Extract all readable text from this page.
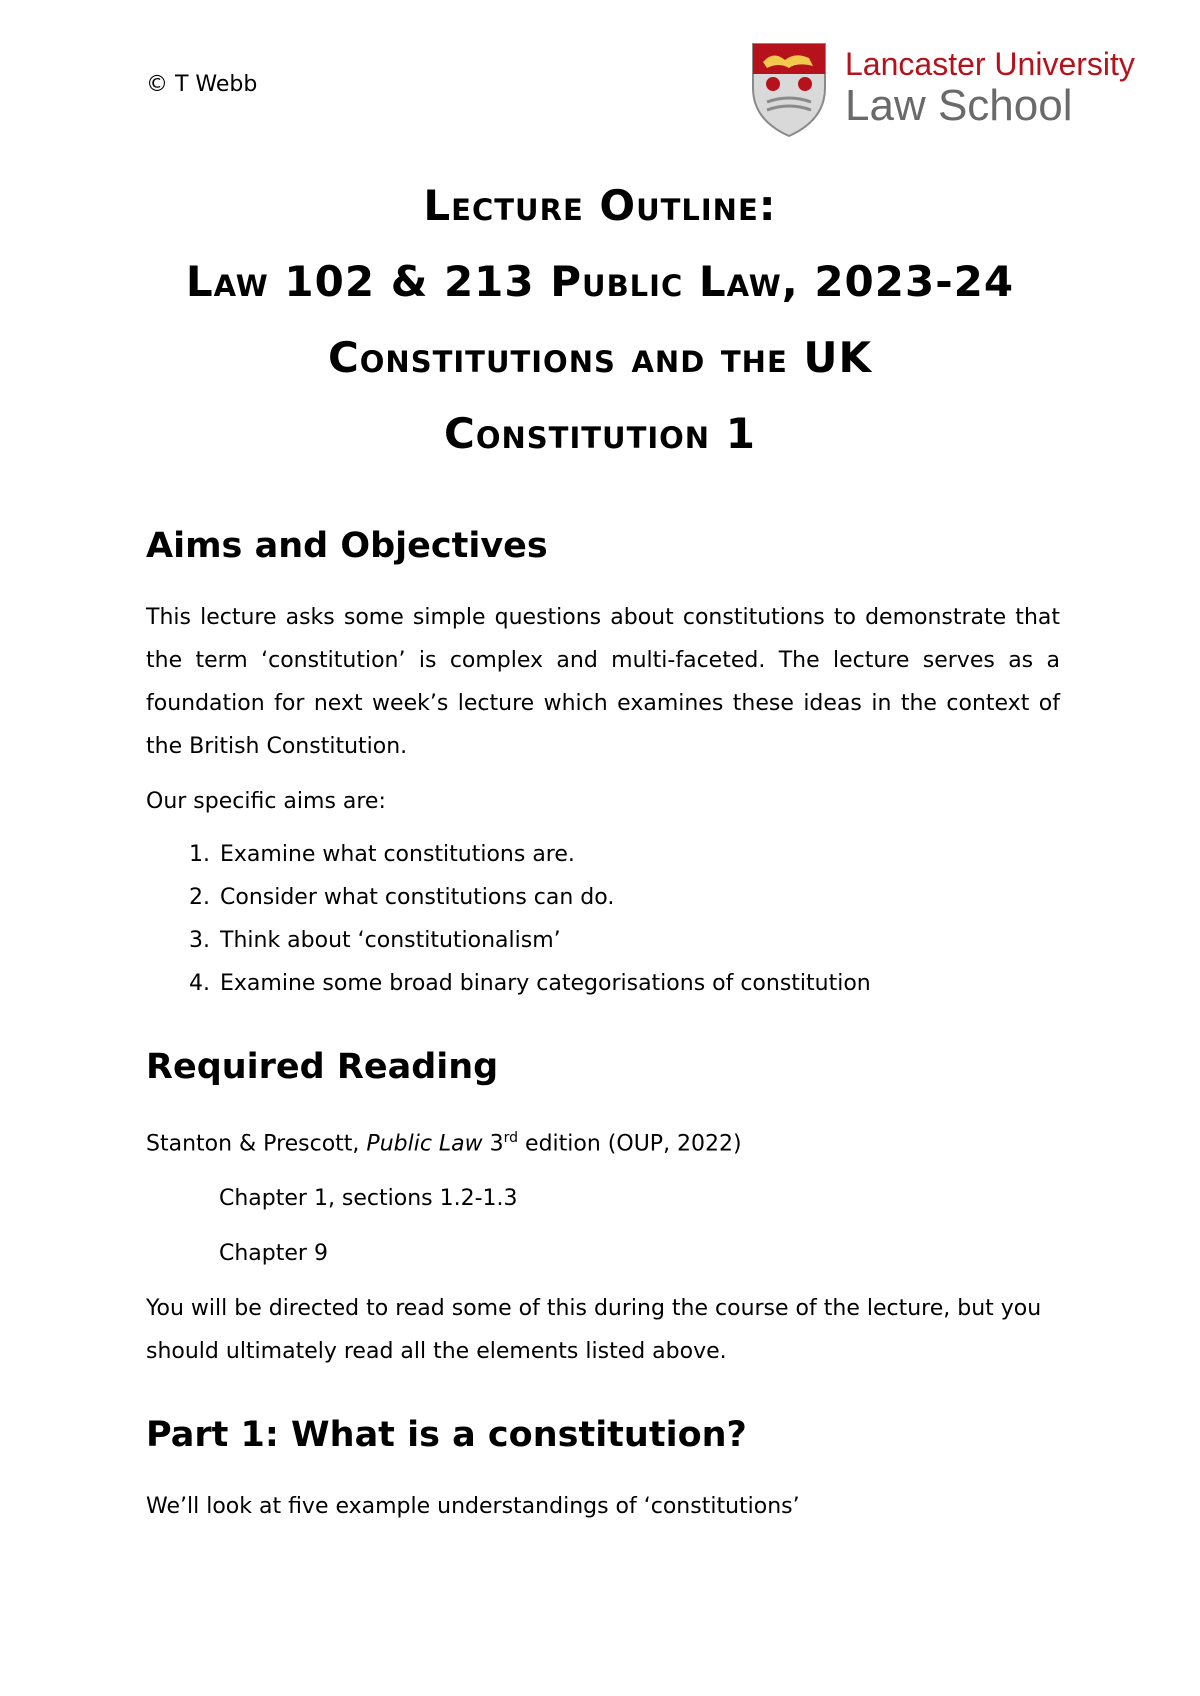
© T Webb
Lancaster University
Law School
Lecture Outline:
Law 102 & 213 Public Law, 2023-24
Constitutions and the UK
Constitution 1
Aims and Objectives

This lecture asks some simple questions about constitutions to demonstrate that the term ‘constitution’ is complex and multi-faceted. The lecture serves as a foundation for next week’s lecture which examines these ideas in the context of the British Constitution.

Our specific aims are:

1. Examine what constitutions are.
2. Consider what constitutions can do.
3. Think about ‘constitutionalism’
4. Examine some broad binary categorisations of constitution
Required Reading

Stanton & Prescott, Public Law 3rd edition (OUP, 2022)

Chapter 1, sections 1.2-1.3

Chapter 9

You will be directed to read some of this during the course of the lecture, but you should ultimately read all the elements listed above.

Part 1: What is a constitution?

We’ll look at five example understandings of ‘constitutions’
